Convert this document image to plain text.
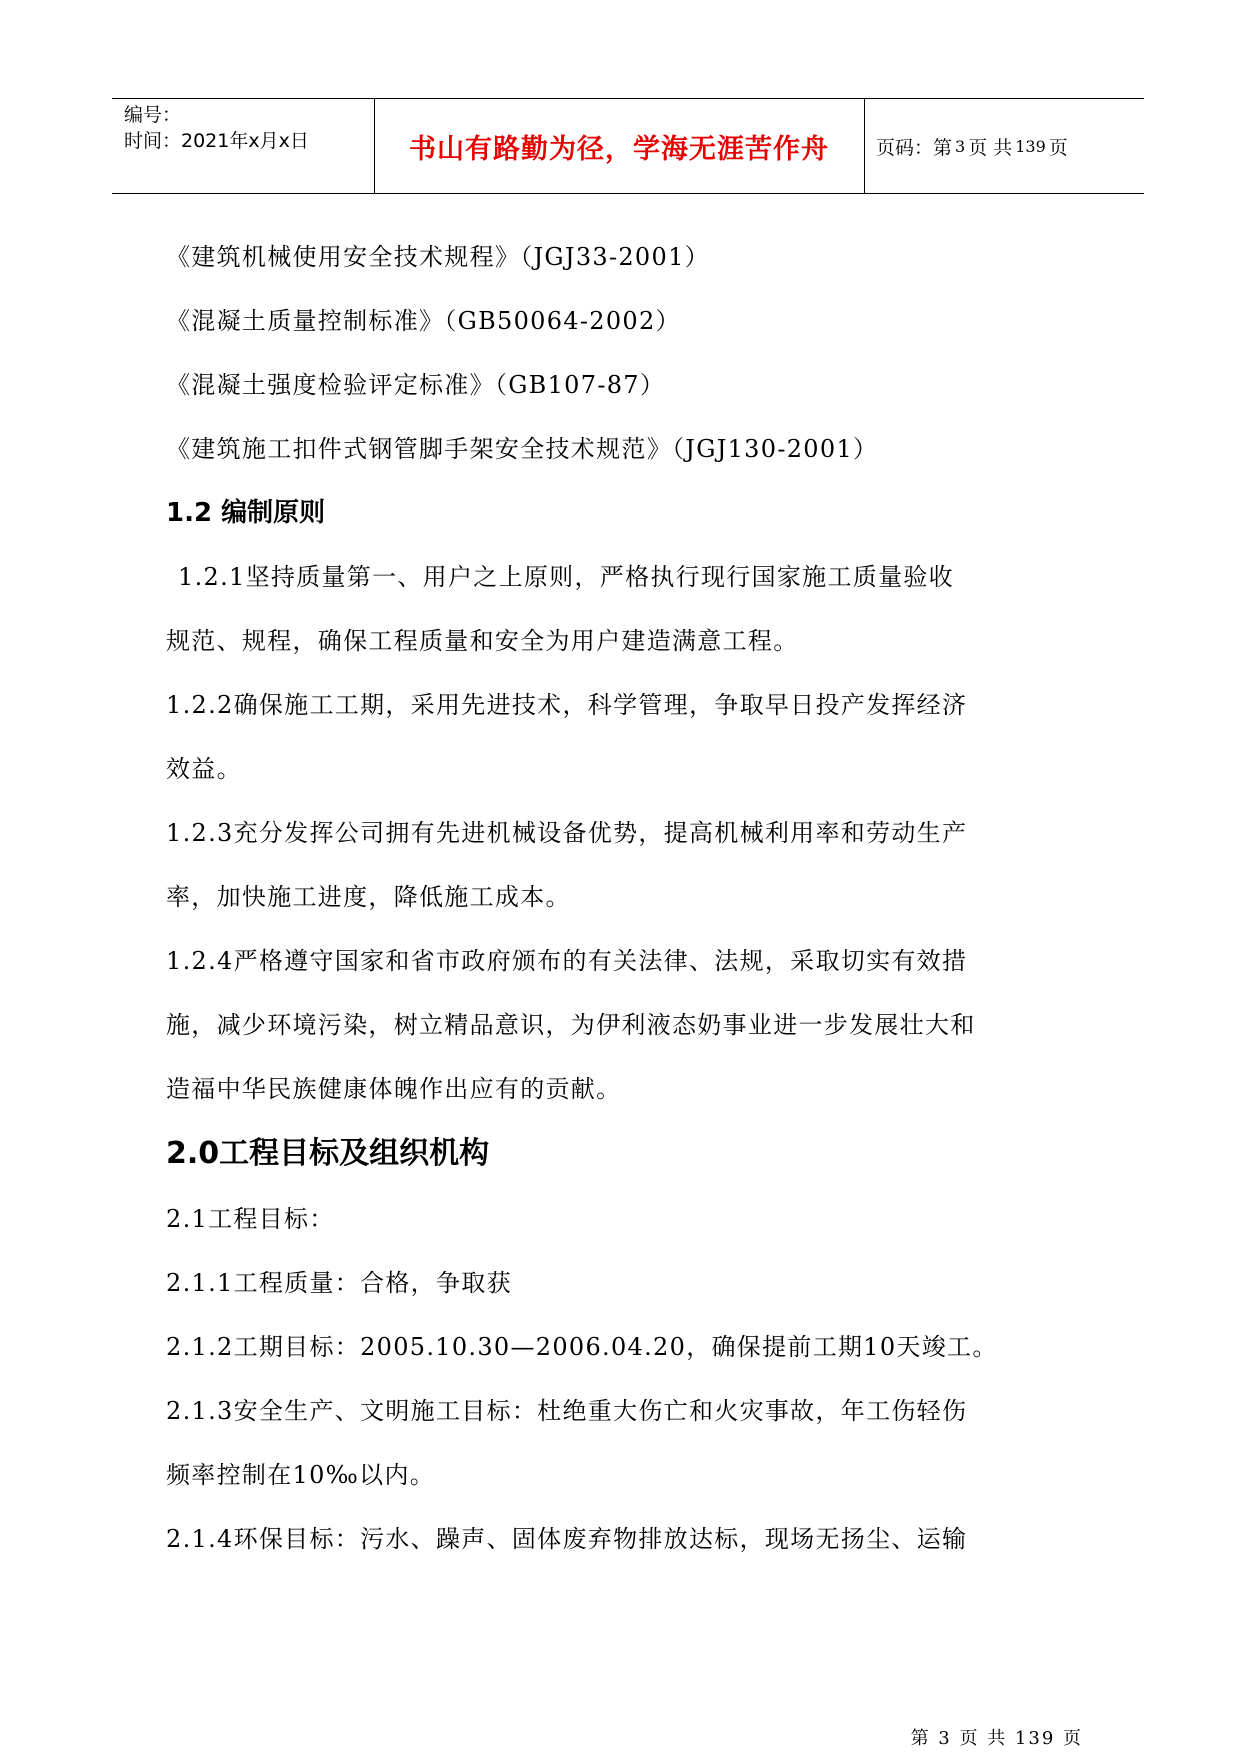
编号：
时间：2021年x月x日	书山有路勤为径，学海无涯苦作舟	页码：第 3 页 共 139 页
《建筑机械使用安全技术规程》（JGJ33-2001）
《混凝土质量控制标准》（GB50064-2002）
《混凝土强度检验评定标准》（GB107-87）
《建筑施工扣件式钢管脚手架安全技术规范》（JGJ130-2001）
1.2 编制原则
1.2.1坚持质量第一、用户之上原则，严格执行现行国家施工质量验收
规范、规程，确保工程质量和安全为用户建造满意工程。
1.2.2确保施工工期，采用先进技术，科学管理，争取早日投产发挥经济
效益。
1.2.3充分发挥公司拥有先进机械设备优势，提高机械利用率和劳动生产
率，加快施工进度，降低施工成本。
1.2.4严格遵守国家和省市政府颁布的有关法律、法规，采取切实有效措
施，减少环境污染，树立精品意识，为伊利液态奶事业进一步发展壮大和
造福中华民族健康体魄作出应有的贡献。
2.0工程目标及组织机构
2.1工程目标：
2.1.1工程质量：合格，争取获
2.1.2工期目标：2005.10.30—2006.04.20，确保提前工期10天竣工。
2.1.3安全生产、文明施工目标：杜绝重大伤亡和火灾事故，年工伤轻伤
频率控制在10‰以内。
2.1.4环保目标：污水、躁声、固体废弃物排放达标，现场无扬尘、运输
第 3 页 共 139 页
